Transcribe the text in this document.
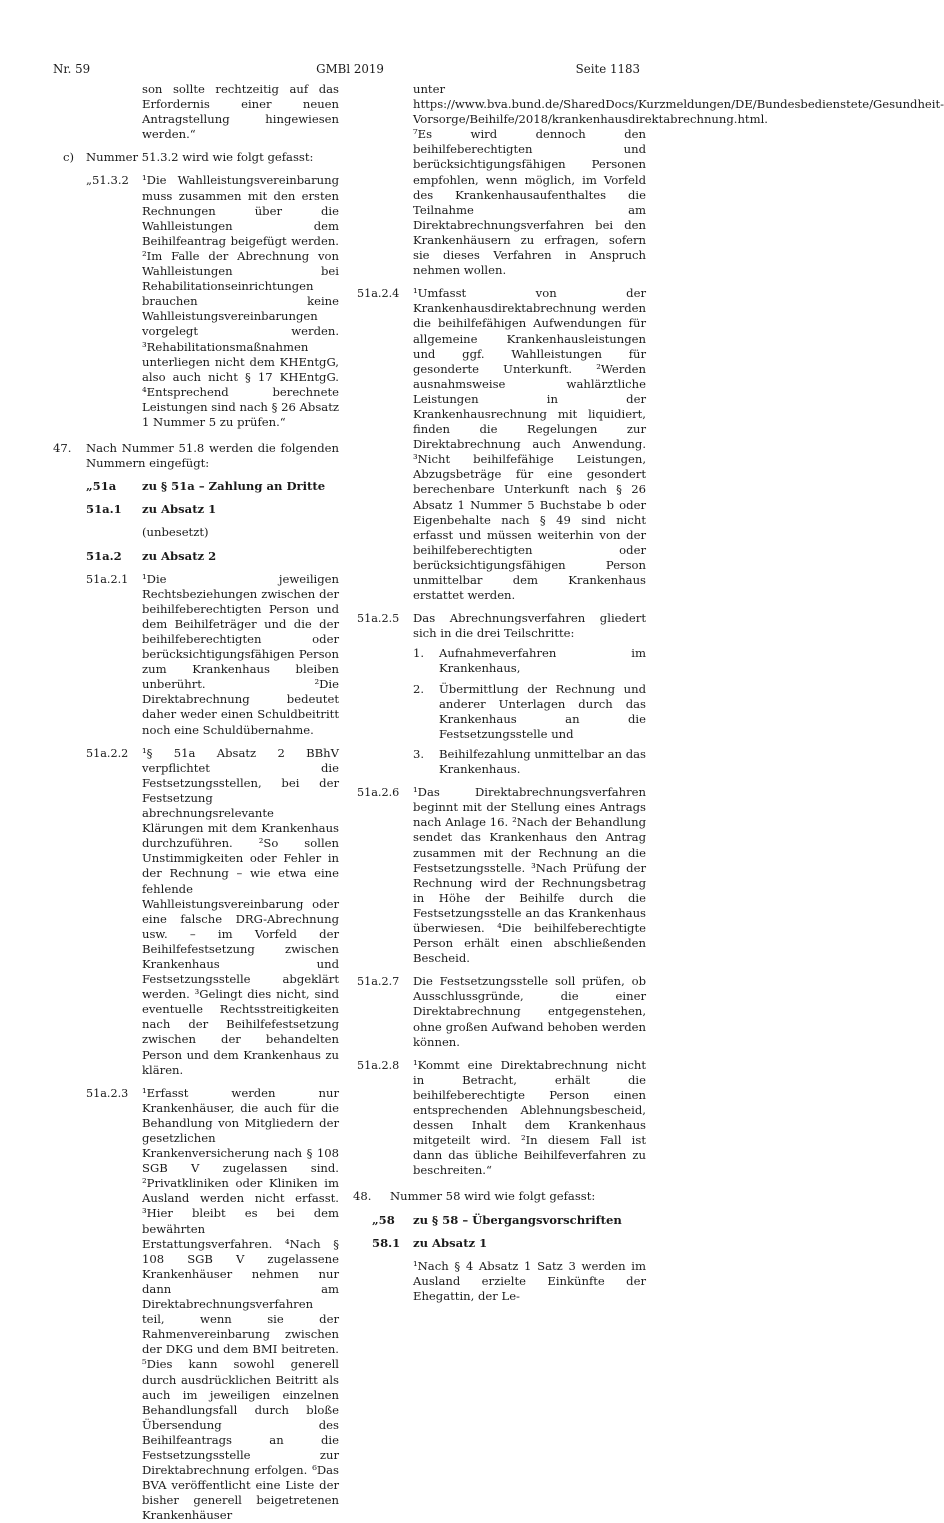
Nr. 59	GMBl 2019	Seite 1183
son sollte rechtzeitig auf das Erfordernis einer neuen Antragstellung hingewiesen werden.“
c) Nummer 51.3.2 wird wie folgt gefasst:
„51.3.2 ¹Die Wahlleistungsvereinbarung muss zusammen mit den ersten Rechnungen über die Wahlleistungen dem Beihilfeantrag beigefügt werden. ²Im Falle der Abrechnung von Wahlleistungen bei Rehabilitationseinrichtungen brauchen keine Wahlleistungsvereinbarungen vorgelegt werden. ³Rehabilitationsmaßnahmen unterliegen nicht dem KHEntgG, also auch nicht § 17 KHEntgG. ⁴Entsprechend berechnete Leistungen sind nach § 26 Absatz 1 Nummer 5 zu prüfen.“
47. Nach Nummer 51.8 werden die folgenden Nummern eingefügt:
„51a zu § 51a – Zahlung an Dritte
51a.1 zu Absatz 1
(unbesetzt)
51a.2 zu Absatz 2
51a.2.1 ¹Die jeweiligen Rechtsbeziehungen zwischen der beihilfeberechtigten Person und dem Beihilfeträger und die der beihilfeberechtigten oder berücksichtigungsfähigen Person zum Krankenhaus bleiben unberührt. ²Die Direktabrechnung bedeutet daher weder einen Schuldbeitritt noch eine Schuldübernahme.
51a.2.2 ¹§ 51a Absatz 2 BBhV verpflichtet die Festsetzungsstellen, bei der Festsetzung abrechnungsrelevante Klärungen mit dem Krankenhaus durchzuführen. ²So sollen Unstimmigkeiten oder Fehler in der Rechnung – wie etwa eine fehlende Wahlleistungsvereinbarung oder eine falsche DRG-Abrechnung usw. – im Vorfeld der Beihilfefestsetzung zwischen Krankenhaus und Festsetzungsstelle abgeklärt werden. ³Gelingt dies nicht, sind eventuelle Rechtsstreitigkeiten nach der Beihilfefestsetzung zwischen der behandelten Person und dem Krankenhaus zu klären.
51a.2.3 ¹Erfasst werden nur Krankenhäuser, die auch für die Behandlung von Mitgliedern der gesetzlichen Krankenversicherung nach § 108 SGB V zugelassen sind. ²Privatkliniken oder Kliniken im Ausland werden nicht erfasst. ³Hier bleibt es bei dem bewährten Erstattungsverfahren. ⁴Nach § 108 SGB V zugelassene Krankenhäuser nehmen nur dann am Direktabrechnungsverfahren teil, wenn sie der Rahmenvereinbarung zwischen der DKG und dem BMI beitreten. ⁵Dies kann sowohl generell durch ausdrücklichen Beitritt als auch im jeweiligen einzelnen Behandlungsfall durch bloße Übersendung des Beihilfeantrags an die Festsetzungsstelle zur Direktabrechnung erfolgen. ⁶Das BVA veröffentlicht eine Liste der bisher generell beigetretenen Krankenhäuser
unter https://www.bva.bund.de/SharedDocs/Kurzmeldungen/DE/Bundesbedienstete/Gesundheit-Vorsorge/Beihilfe/2018/krankenhausdirektabrechnung.html. ⁷Es wird dennoch den beihilfeberechtigten und berücksichtigungsfähigen Personen empfohlen, wenn möglich, im Vorfeld des Krankenhausaufenthaltes die Teilnahme am Direktabrechnungsverfahren bei den Krankenhäusern zu erfragen, sofern sie dieses Verfahren in Anspruch nehmen wollen.
51a.2.4 ¹Umfasst von der Krankenhausdirektabrechnung werden die beihilfefähigen Aufwendungen für allgemeine Krankenhausleistungen und ggf. Wahlleistungen für gesonderte Unterkunft. ²Werden ausnahmsweise wahlärztliche Leistungen in der Krankenhausrechnung mit liquidiert, finden die Regelungen zur Direktabrechnung auch Anwendung. ³Nicht beihilfefähige Leistungen, Abzugsbeträge für eine gesondert berechenbare Unterkunft nach § 26 Absatz 1 Nummer 5 Buchstabe b oder Eigenbehalte nach § 49 sind nicht erfasst und müssen weiterhin von der beihilfeberechtigten oder berücksichtigungsfähigen Person unmittelbar dem Krankenhaus erstattet werden.
51a.2.5 Das Abrechnungsverfahren gliedert sich in die drei Teilschritte:
1. Aufnahmeverfahren im Krankenhaus,
2. Übermittlung der Rechnung und anderer Unterlagen durch das Krankenhaus an die Festsetzungsstelle und
3. Beihilfezahlung unmittelbar an das Krankenhaus.
51a.2.6 ¹Das Direktabrechnungsverfahren beginnt mit der Stellung eines Antrags nach Anlage 16. ²Nach der Behandlung sendet das Krankenhaus den Antrag zusammen mit der Rechnung an die Festsetzungsstelle. ³Nach Prüfung der Rechnung wird der Rechnungsbetrag in Höhe der Beihilfe durch die Festsetzungsstelle an das Krankenhaus überwiesen. ⁴Die beihilfeberechtigte Person erhält einen abschließenden Bescheid.
51a.2.7 Die Festsetzungsstelle soll prüfen, ob Ausschlussgründe, die einer Direktabrechnung entgegenstehen, ohne großen Aufwand behoben werden können.
51a.2.8 ¹Kommt eine Direktabrechnung nicht in Betracht, erhält die beihilfeberechtigte Person einen entsprechenden Ablehnungsbescheid, dessen Inhalt dem Krankenhaus mitgeteilt wird. ²In diesem Fall ist dann das übliche Beihilfeverfahren zu beschreiten.“
48. Nummer 58 wird wie folgt gefasst:
„58 zu § 58 – Übergangsvorschriften
58.1 zu Absatz 1
¹Nach § 4 Absatz 1 Satz 3 werden im Ausland erzielte Einkünfte der Ehegattin, der Le-
